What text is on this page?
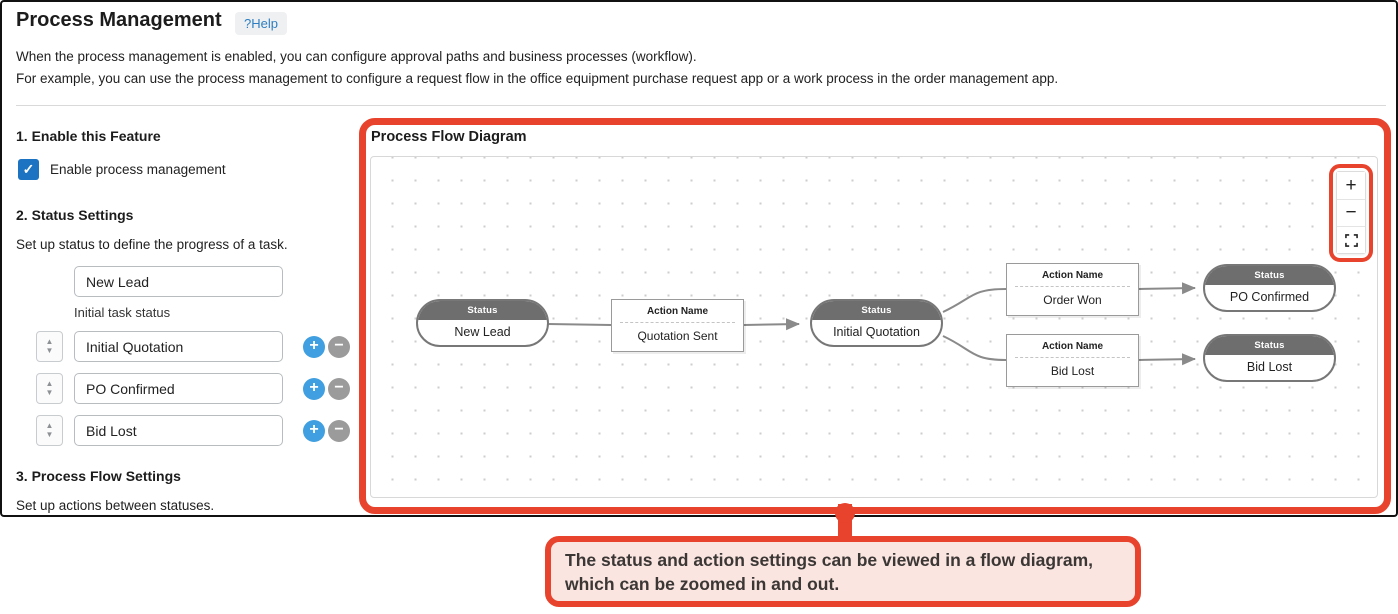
Process Management	?Help
When the process management is enabled, you can configure approval paths and business processes (workflow).
For example, you can use the process management to configure a request flow in the office equipment purchase request app or a work process in the order management app.
1. Enable this Feature
✓	Enable process management
2. Status Settings
Set up status to define the progress of a task.
New Lead
Initial task status
▲
▼
Initial Quotation	+ −
▲
▼
PO Confirmed	+ −
▲
▼
Bid Lost	+ −
3. Process Flow Settings
Set up actions between statuses.
Process Flow Diagram
Status
New Lead
Action Name
Quotation Sent
Status
Initial Quotation
Action Name
Order Won
Status
PO Confirmed
Action Name
Bid Lost
Status
Bid Lost
+
−
The status and action settings can be viewed in a flow diagram,
which can be zoomed in and out.
